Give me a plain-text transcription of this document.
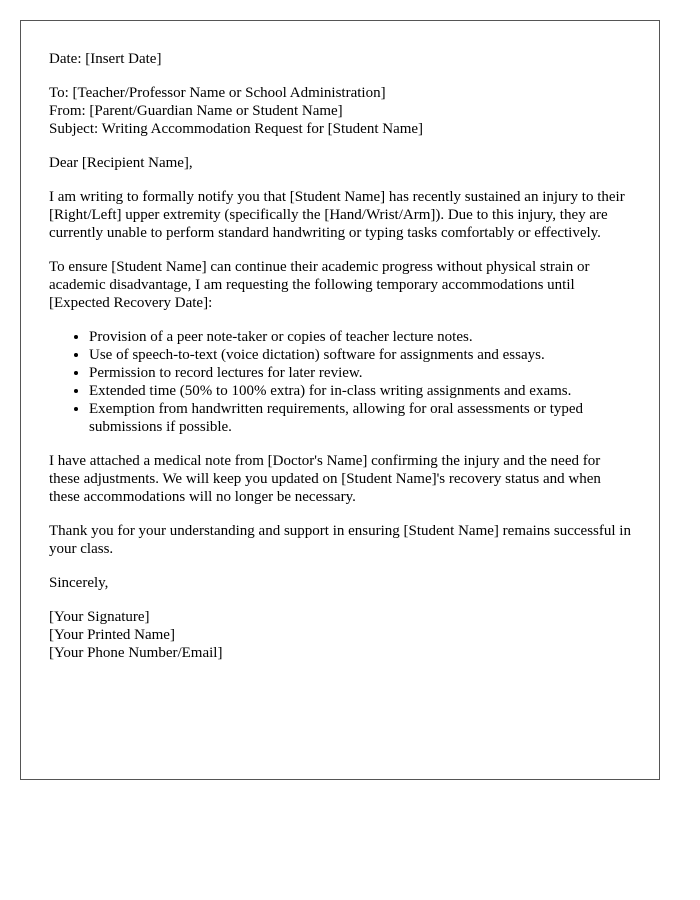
Date: [Insert Date]

To: [Teacher/Professor Name or School Administration]

From: [Parent/Guardian Name or Student Name]

Subject: Writing Accommodation Request for [Student Name]

Dear [Recipient Name],

I am writing to formally notify you that [Student Name] has recently sustained an injury to their [Right/Left] upper extremity (specifically the [Hand/Wrist/Arm]). Due to this injury, they are currently unable to perform standard handwriting or typing tasks comfortably or effectively.

To ensure [Student Name] can continue their academic progress without physical strain or academic disadvantage, I am requesting the following temporary accommodations until [Expected Recovery Date]:

• Provision of a peer note-taker or copies of teacher lecture notes.
• Use of speech-to-text (voice dictation) software for assignments and essays.
• Permission to record lectures for later review.
• Extended time (50% to 100% extra) for in-class writing assignments and exams.
• Exemption from handwritten requirements, allowing for oral assessments or typed submissions if possible.

I have attached a medical note from [Doctor's Name] confirming the injury and the need for these adjustments. We will keep you updated on [Student Name]'s recovery status and when these accommodations will no longer be necessary.

Thank you for your understanding and support in ensuring [Student Name] remains successful in your class.

Sincerely,

[Your Signature]

[Your Printed Name]

[Your Phone Number/Email]
